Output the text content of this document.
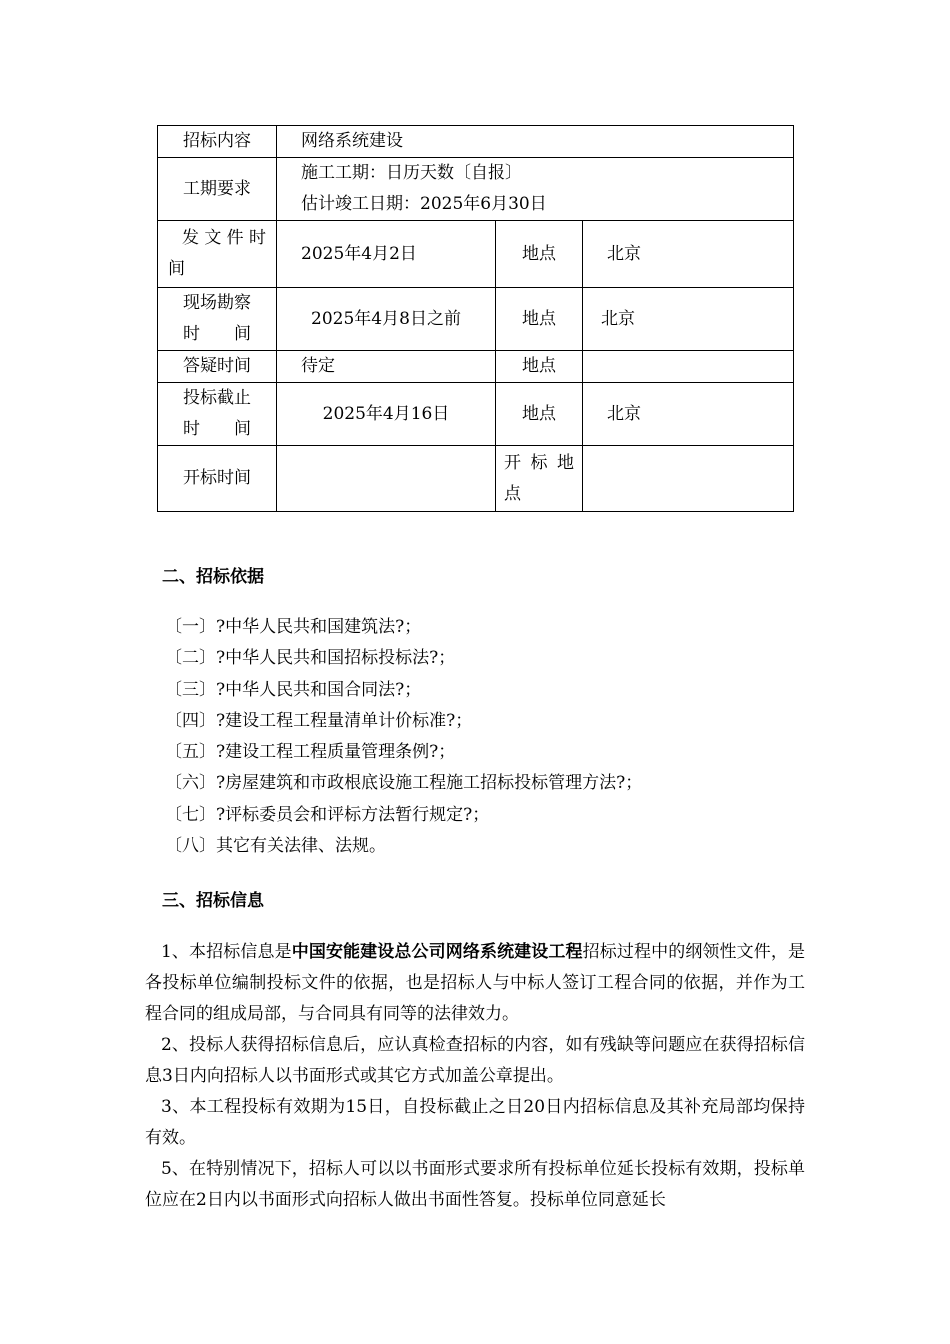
招标内容	网络系统建设		
工期要求	施工工期：日历天数〔自报〕
估计竣工日期：2025年6月30日		

发文件时
间	2025年4月2日	地点	北京

现场勘察
时　　间	2025年4月8日之前	地点	北京
答疑时间	待定	地点	

投标截止
时　　间	2025年4月16日	地点	北京
开标时间		开 标 地
点	

二、招标依据
〔一〕?中华人民共和国建筑法?；
〔二〕?中华人民共和国招标投标法?；
〔三〕?中华人民共和国合同法?；
〔四〕?建设工程工程量清单计价标准?；
〔五〕?建设工程工程质量管理条例?；
〔六〕?房屋建筑和市政根底设施工程施工招标投标管理方法?；
〔七〕?评标委员会和评标方法暂行规定?；
〔八〕其它有关法律、法规。
三、招标信息

1、本招标信息是中国安能建设总公司网络系统建设工程招标过程中的纲领性文件，是各投标单位编制投标文件的依据，也是招标人与中标人签订工程合同的依据，并作为工程合同的组成局部，与合同具有同等的法律效力。

2、投标人获得招标信息后，应认真检查招标的内容，如有残缺等问题应在获得招标信息3日内向招标人以书面形式或其它方式加盖公章提出。

3、本工程投标有效期为15日，自投标截止之日20日内招标信息及其补充局部均保持有效。

5、在特别情况下，招标人可以以书面形式要求所有投标单位延长投标有效期，投标单位应在2日内以书面形式向招标人做出书面性答复。投标单位同意延长
